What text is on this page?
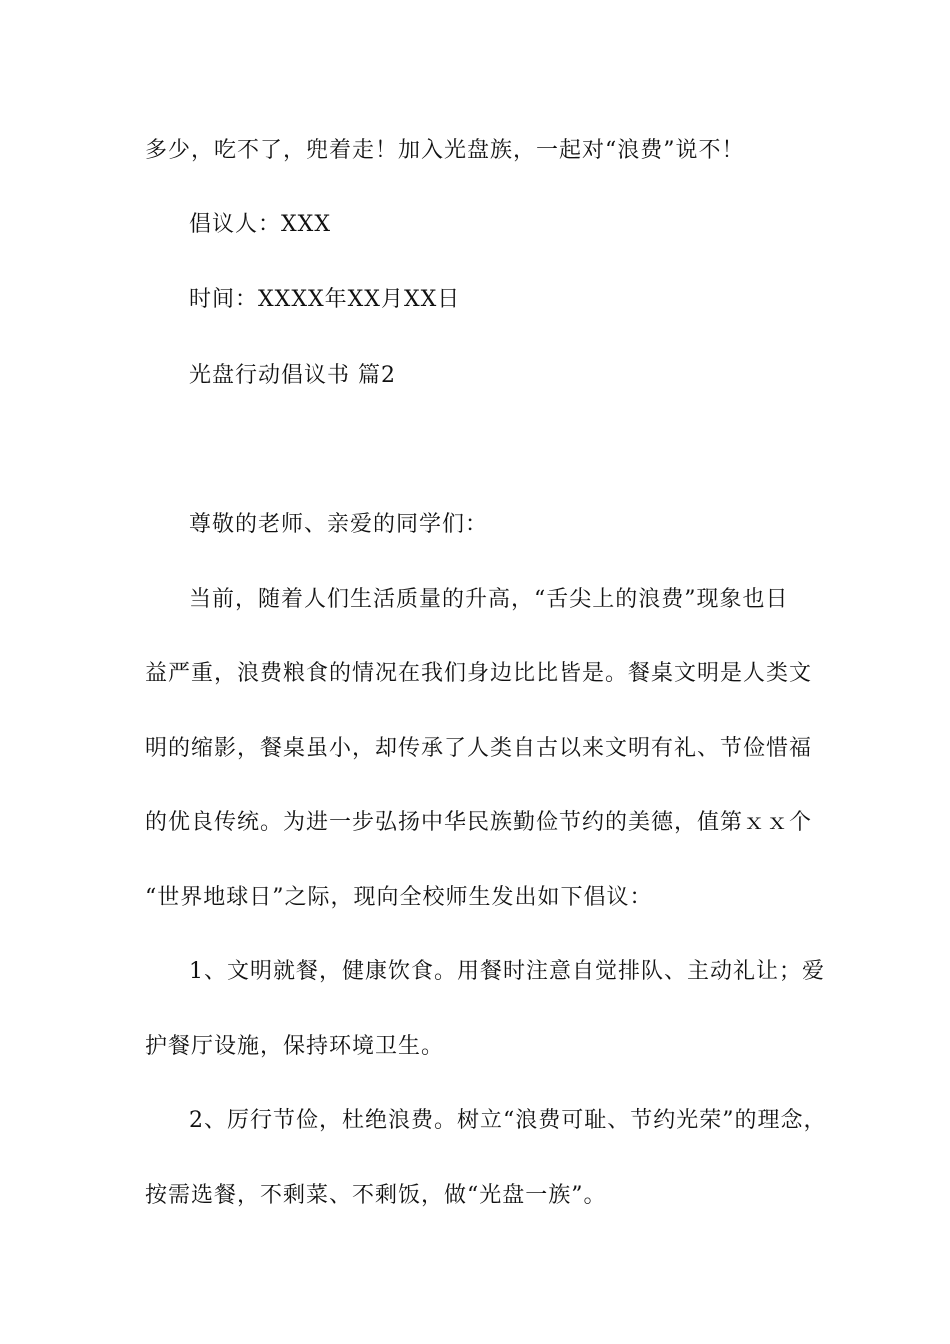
多少，吃不了，兜着走！加入光盘族，一起对“浪费”说不！
倡议人：XXX
时间：XXXX年XX月XX日
光盘行动倡议书 篇2
尊敬的老师、亲爱的同学们：
当前，随着人们生活质量的升高，“舌尖上的浪费”现象也日
益严重，浪费粮食的情况在我们身边比比皆是。餐桌文明是人类文
明的缩影，餐桌虽小，却传承了人类自古以来文明有礼、节俭惜福
的优良传统。为进一步弘扬中华民族勤俭节约的美德，值第ｘｘ个
“世界地球日”之际，现向全校师生发出如下倡议：
1、文明就餐，健康饮食。用餐时注意自觉排队、主动礼让；爱
护餐厅设施，保持环境卫生。
2、厉行节俭，杜绝浪费。树立“浪费可耻、节约光荣”的理念，
按需选餐，不剩菜、不剩饭，做“光盘一族”。
